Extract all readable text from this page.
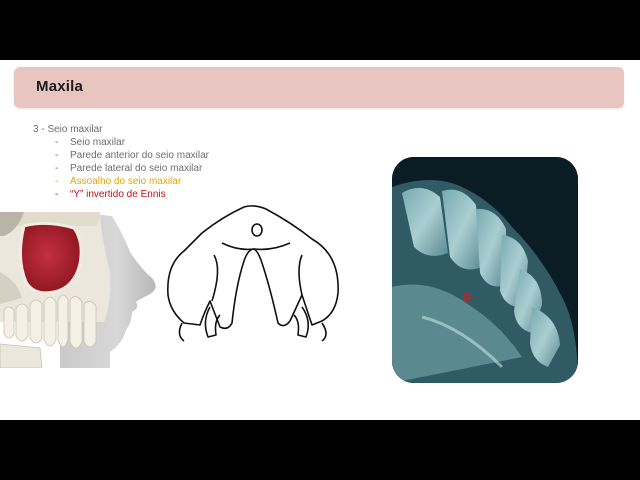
Maxila
3 - Seio maxilar
- Seio maxilar
- Parede anterior do seio maxilar
- Parede lateral do seio maxilar
- Assoalho do seio maxilar
- “Y” invertido de Ennis
